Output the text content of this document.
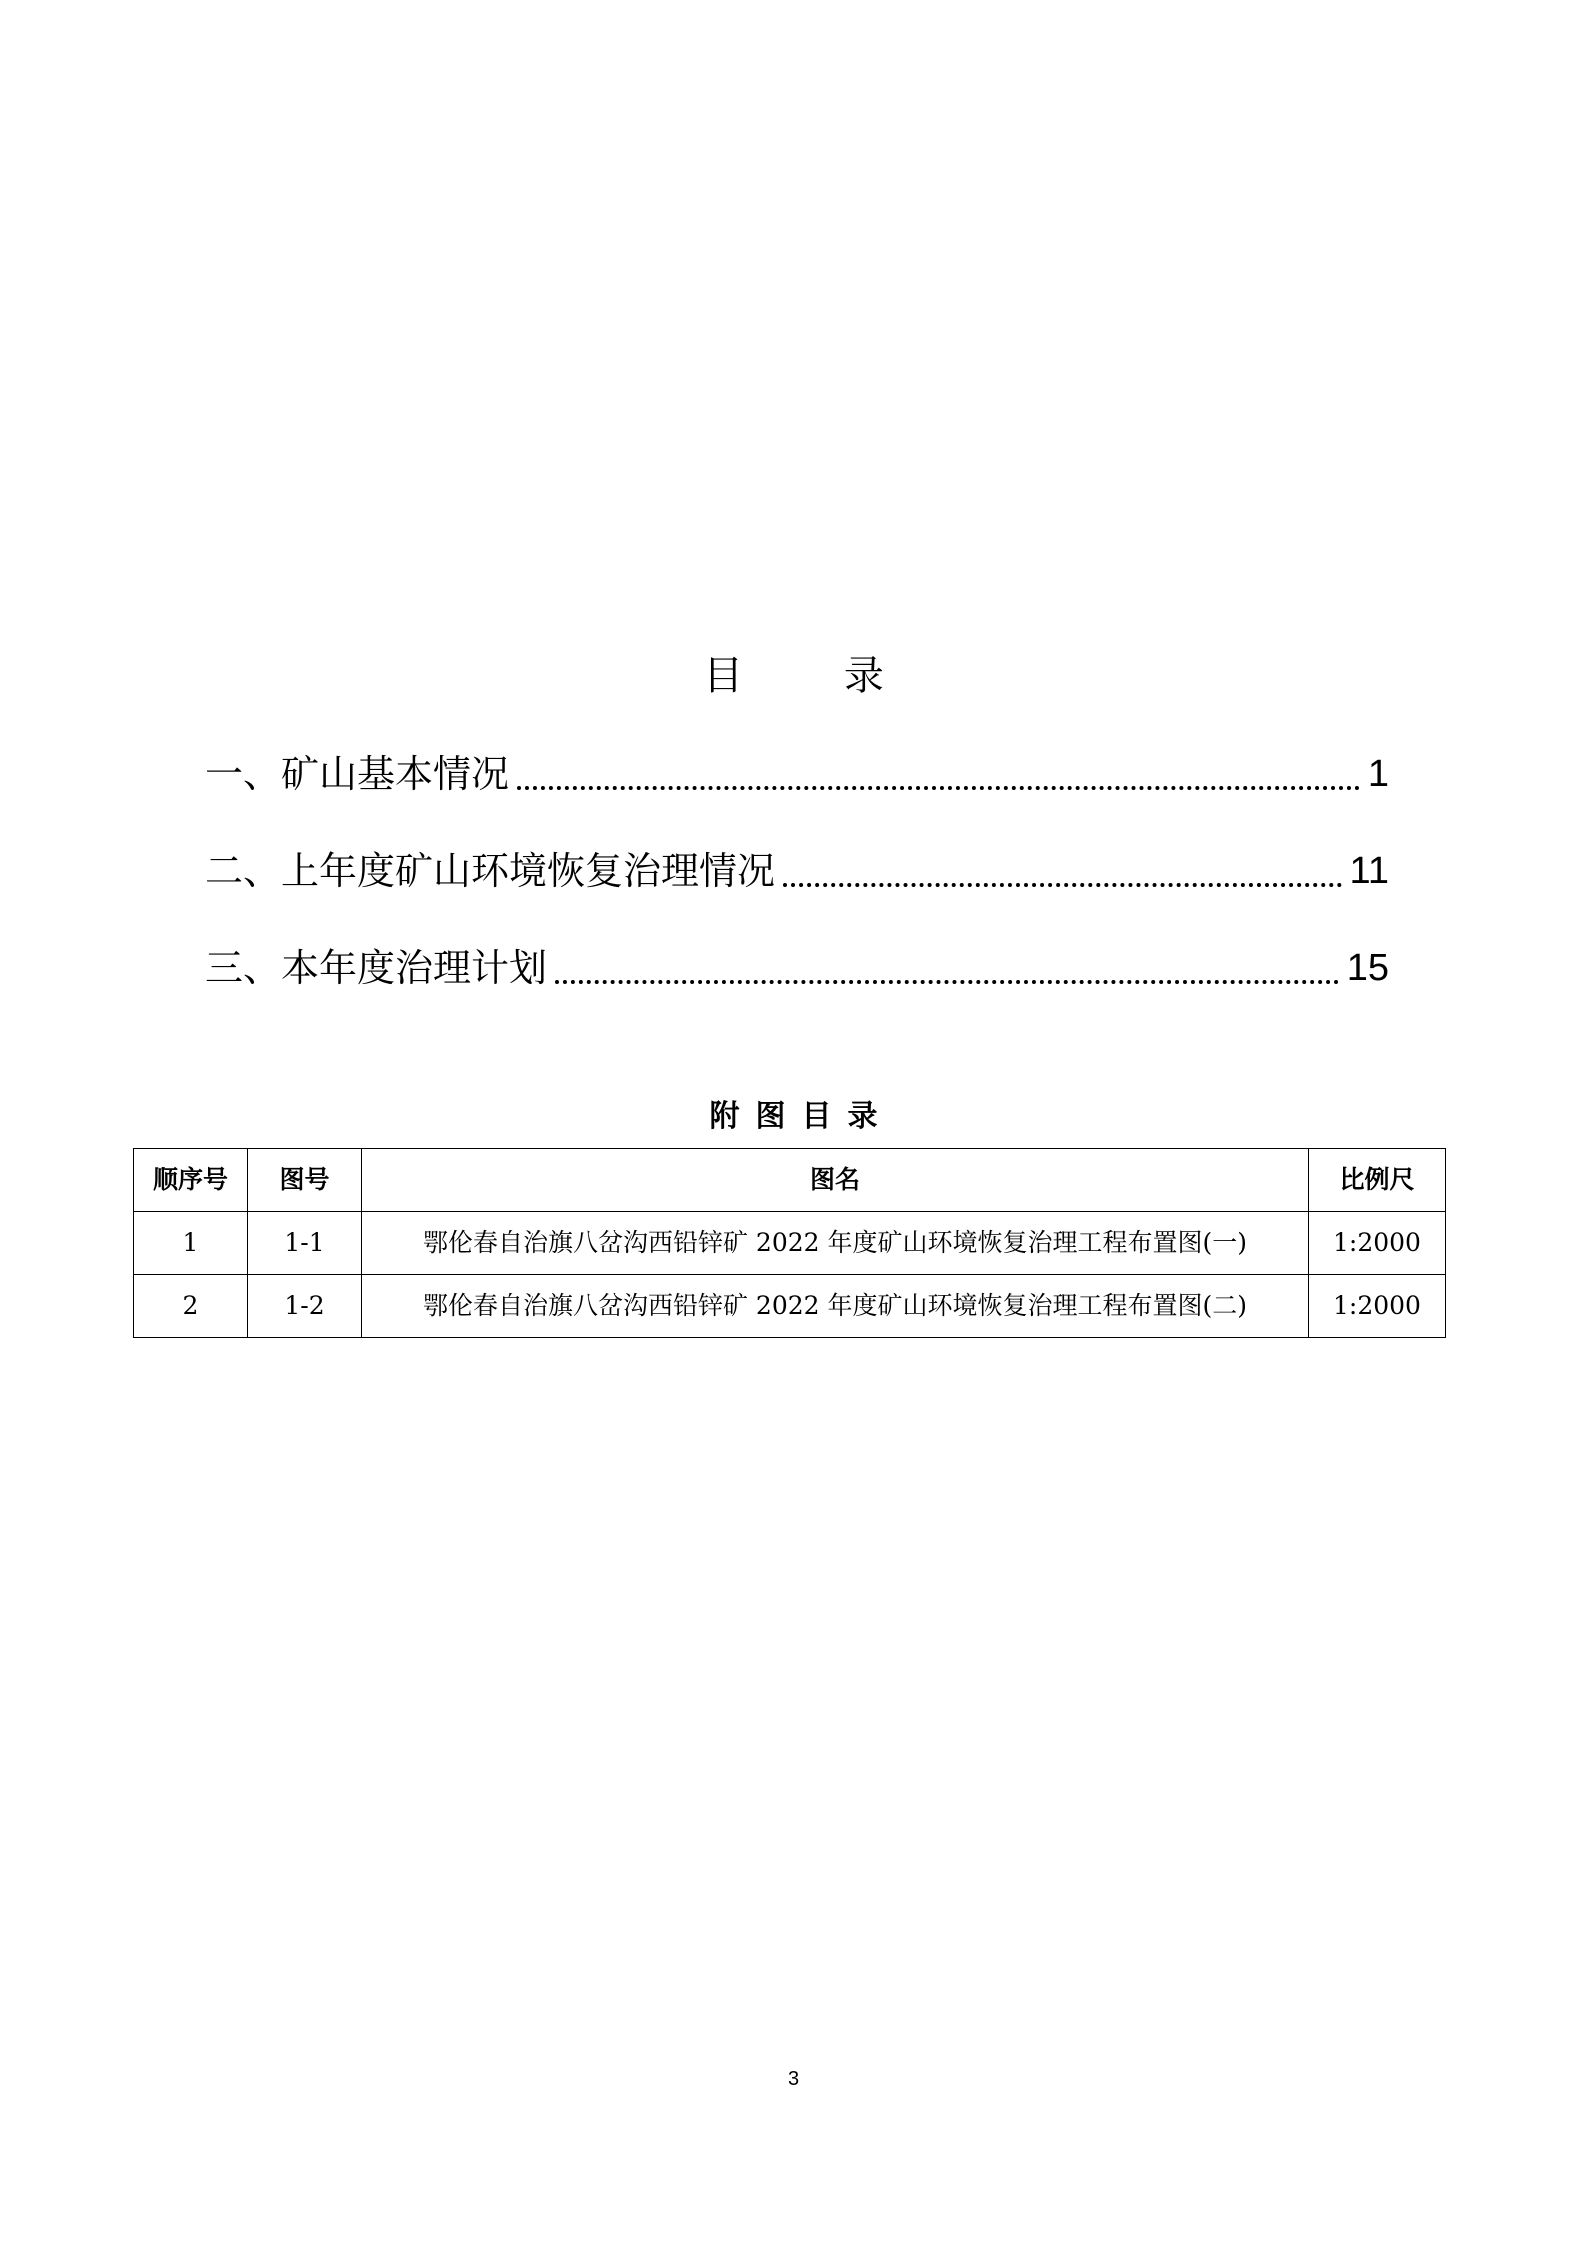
目 录
一、矿山基本情况	1
二、上年度矿山环境恢复治理情况	11
三、本年度治理计划	15
附图目录
顺序号	图号	图名	比例尺
1	1-1	鄂伦春自治旗八岔沟西铅锌矿 2022 年度矿山环境恢复治理工程布置图(一)	1:2000
2	1-2	鄂伦春自治旗八岔沟西铅锌矿 2022 年度矿山环境恢复治理工程布置图(二)	1:2000
3
